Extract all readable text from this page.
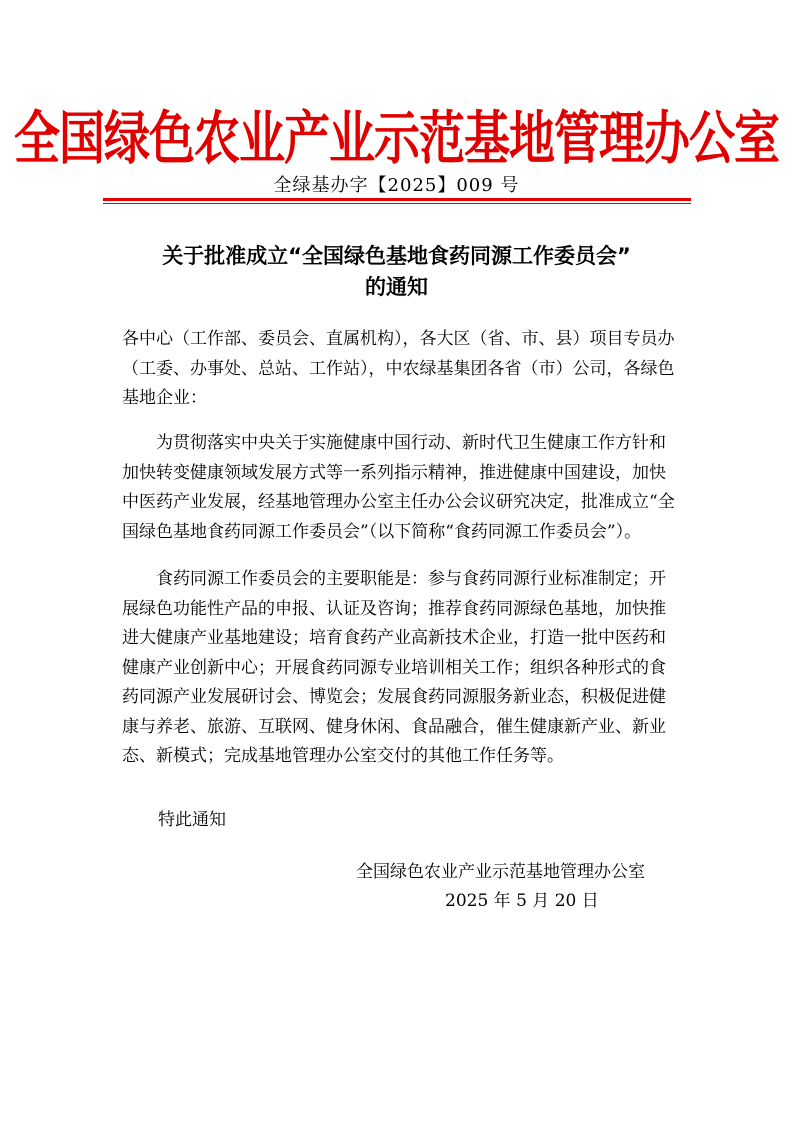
全国绿色农业产业示范基地管理办公室
全绿基办字【2025】009 号
关于批准成立“全国绿色基地食药同源工作委员会”
的通知

各中心（工作部、委员会、直属机构），各大区（省、市、县）项目专员办（工委、办事处、总站、工作站），中农绿基集团各省（市）公司，各绿色基地企业：

为贯彻落实中央关于实施健康中国行动、新时代卫生健康工作方针和加快转变健康领域发展方式等一系列指示精神，推进健康中国建设，加快中医药产业发展，经基地管理办公室主任办公会议研究决定，批准成立“全国绿色基地食药同源工作委员会”（以下简称“食药同源工作委员会”）。

食药同源工作委员会的主要职能是：参与食药同源行业标准制定；开展绿色功能性产品的申报、认证及咨询；推荐食药同源绿色基地，加快推进大健康产业基地建设；培育食药产业高新技术企业，打造一批中医药和健康产业创新中心；开展食药同源专业培训相关工作；组织各种形式的食药同源产业发展研讨会、博览会；发展食药同源服务新业态，积极促进健康与养老、旅游、互联网、健身休闲、食品融合，催生健康新产业、新业态、新模式；完成基地管理办公室交付的其他工作任务等。

特此通知

全国绿色农业产业示范基地管理办公室
2025 年 5 月 20 日
